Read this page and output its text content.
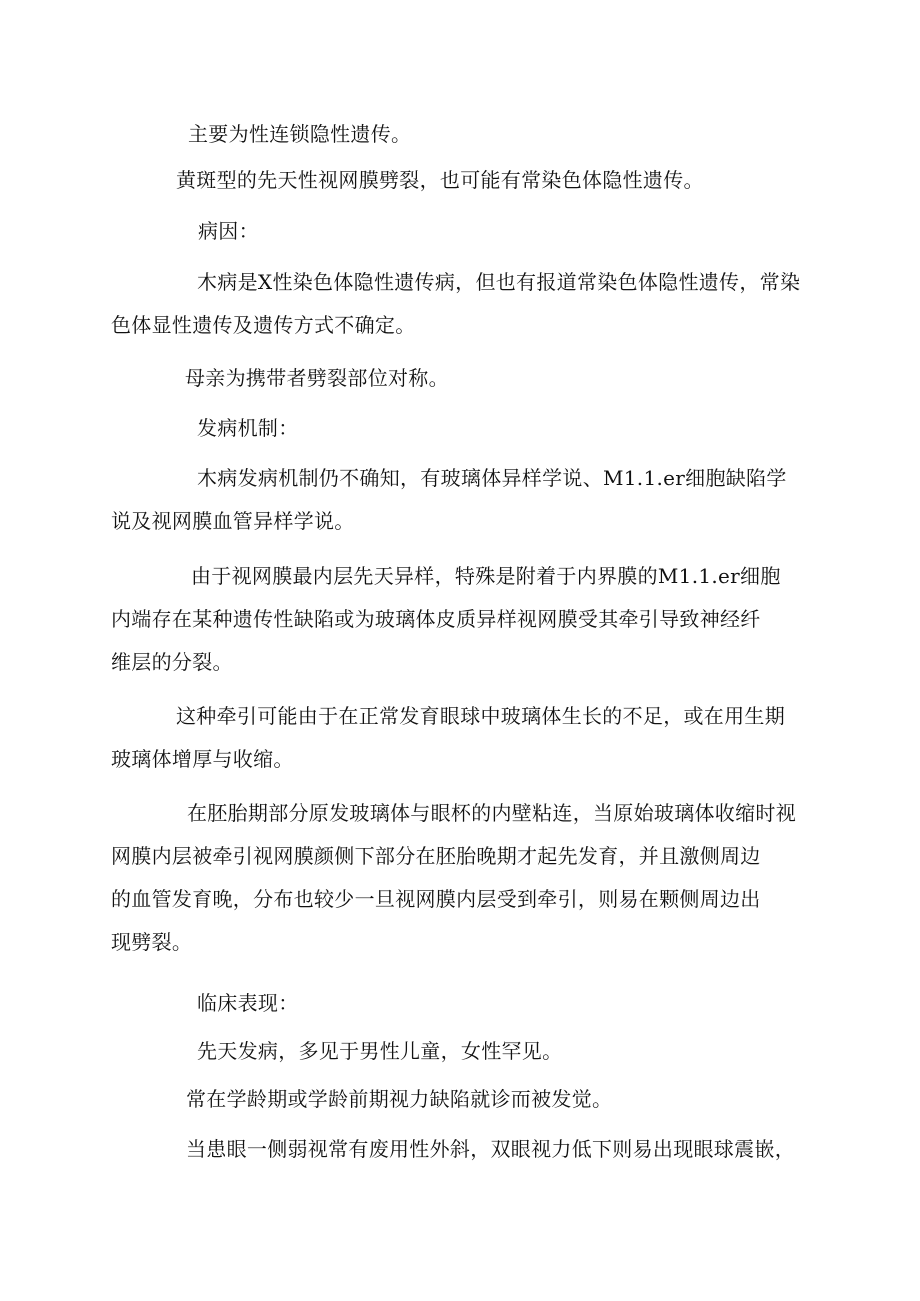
主要为性连锁隐性遗传。
黄斑型的先天性视网膜劈裂，也可能有常染色体隐性遗传。
病因：
木病是X性染色体隐性遗传病，但也有报道常染色体隐性遗传，常染
色体显性遗传及遗传方式不确定。
母亲为携带者劈裂部位对称。
发病机制：
木病发病机制仍不确知，有玻璃体异样学说、M1.1.er细胞缺陷学
说及视网膜血管异样学说。
由于视网膜最内层先天异样，特殊是附着于内界膜的M1.1.er细胞
内端存在某种遗传性缺陷或为玻璃体皮质异样视网膜受其牵引导致神经纤
维层的分裂。
这种牵引可能由于在正常发育眼球中玻璃体生长的不足，或在用生期
玻璃体增厚与收缩。
在胚胎期部分原发玻璃体与眼杯的内壁粘连，当原始玻璃体收缩时视
网膜内层被牵引视网膜颜侧下部分在胚胎晚期才起先发育，并且激侧周边
的血管发育晚，分布也较少一旦视网膜内层受到牵引，则易在颗侧周边出
现劈裂。
临床表现：
先天发病，多见于男性儿童，女性罕见。
常在学龄期或学龄前期视力缺陷就诊而被发觉。
当患眼一侧弱视常有废用性外斜，双眼视力低下则易出现眼球震嵌，
